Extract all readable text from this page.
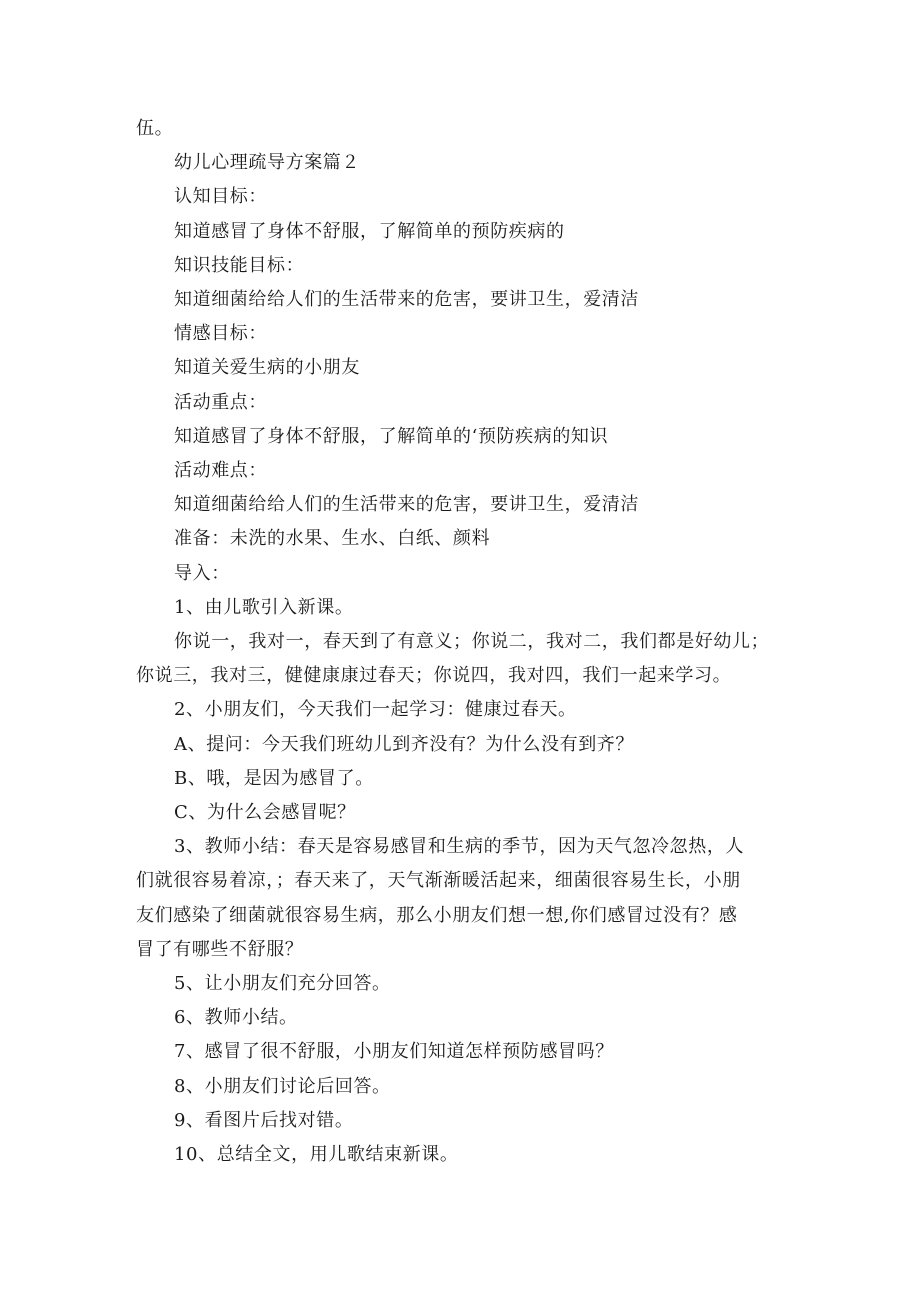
伍。
幼儿心理疏导方案篇２
认知目标：
知道感冒了身体不舒服，了解简单的预防疾病的
知识技能目标：
知道细菌给给人们的生活带来的危害，要讲卫生，爱清洁
情感目标：
知道关爱生病的小朋友
活动重点：
知道感冒了身体不舒服，了解简单的‘预防疾病的知识
活动难点：
知道细菌给给人们的生活带来的危害，要讲卫生，爱清洁
准备：未洗的水果、生水、白纸、颜料
导入：
1、由儿歌引入新课。
你说一，我对一，春天到了有意义；你说二，我对二，我们都是好幼儿；
你说三，我对三，健健康康过春天；你说四，我对四，我们一起来学习。
2、小朋友们，今天我们一起学习：健康过春天。
A、提问：今天我们班幼儿到齐没有？为什么没有到齐？
B、哦，是因为感冒了。
C、为什么会感冒呢？
3、教师小结：春天是容易感冒和生病的季节，因为天气忽冷忽热，人
们就很容易着凉，；春天来了，天气渐渐暖活起来，细菌很容易生长，小朋
友们感染了细菌就很容易生病，那么小朋友们想一想,你们感冒过没有？感
冒了有哪些不舒服？
5、让小朋友们充分回答。
6、教师小结。
7、感冒了很不舒服，小朋友们知道怎样预防感冒吗？
8、小朋友们讨论后回答。
9、看图片后找对错。
10、总结全文，用儿歌结束新课。
